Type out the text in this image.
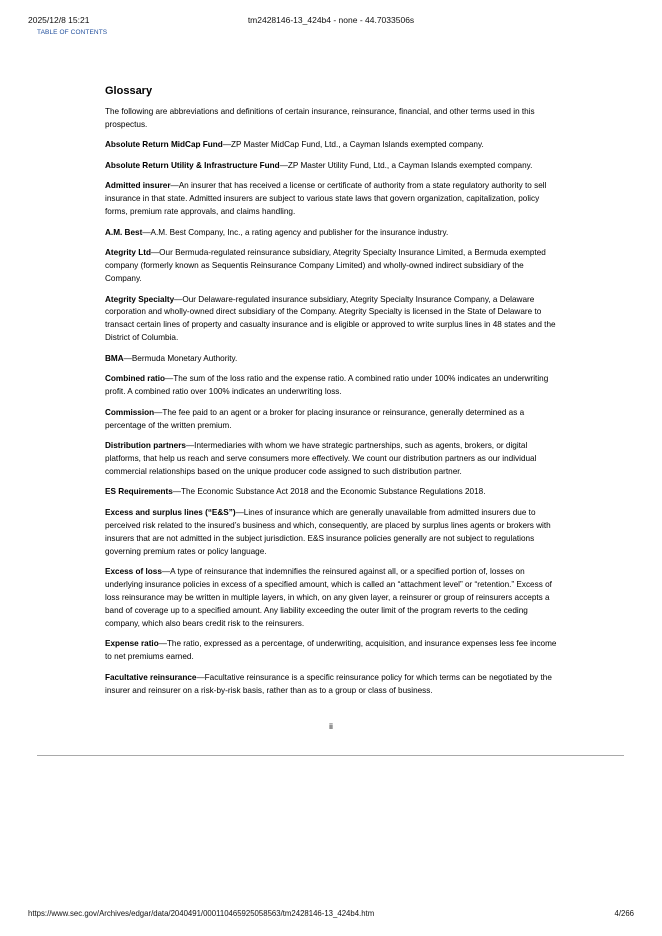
2025/12/8 15:21	tm2428146-13_424b4 - none - 44.7033506s
TABLE OF CONTENTS
Glossary

The following are abbreviations and definitions of certain insurance, reinsurance, financial, and other terms used in this prospectus.

Absolute Return MidCap Fund—ZP Master MidCap Fund, Ltd., a Cayman Islands exempted company.

Absolute Return Utility & Infrastructure Fund—ZP Master Utility Fund, Ltd., a Cayman Islands exempted company.

Admitted insurer—An insurer that has received a license or certificate of authority from a state regulatory authority to sell insurance in that state. Admitted insurers are subject to various state laws that govern organization, capitalization, policy forms, premium rate approvals, and claims handling.

A.M. Best—A.M. Best Company, Inc., a rating agency and publisher for the insurance industry.

Ategrity Ltd—Our Bermuda-regulated reinsurance subsidiary, Ategrity Specialty Insurance Limited, a Bermuda exempted company (formerly known as Sequentis Reinsurance Company Limited) and wholly-owned indirect subsidiary of the Company.

Ategrity Specialty—Our Delaware-regulated insurance subsidiary, Ategrity Specialty Insurance Company, a Delaware corporation and wholly-owned direct subsidiary of the Company. Ategrity Specialty is licensed in the State of Delaware to transact certain lines of property and casualty insurance and is eligible or approved to write surplus lines in 48 states and the District of Columbia.

BMA—Bermuda Monetary Authority.

Combined ratio—The sum of the loss ratio and the expense ratio. A combined ratio under 100% indicates an underwriting profit. A combined ratio over 100% indicates an underwriting loss.

Commission—The fee paid to an agent or a broker for placing insurance or reinsurance, generally determined as a percentage of the written premium.

Distribution partners—Intermediaries with whom we have strategic partnerships, such as agents, brokers, or digital platforms, that help us reach and serve consumers more effectively. We count our distribution partners as our individual commercial relationships based on the unique producer code assigned to such distribution partner.

ES Requirements—The Economic Substance Act 2018 and the Economic Substance Regulations 2018.

Excess and surplus lines (“E&S”)—Lines of insurance which are generally unavailable from admitted insurers due to perceived risk related to the insured’s business and which, consequently, are placed by surplus lines agents or brokers with insurers that are not admitted in the subject jurisdiction. E&S insurance policies generally are not subject to regulations governing premium rates or policy language.

Excess of loss—A type of reinsurance that indemnifies the reinsured against all, or a specified portion of, losses on underlying insurance policies in excess of a specified amount, which is called an “attachment level” or “retention.” Excess of loss reinsurance may be written in multiple layers, in which, on any given layer, a reinsurer or group of reinsurers accepts a band of coverage up to a specified amount. Any liability exceeding the outer limit of the program reverts to the ceding company, which also bears credit risk to the reinsurers.

Expense ratio—The ratio, expressed as a percentage, of underwriting, acquisition, and insurance expenses less fee income to net premiums earned.

Facultative reinsurance—Facultative reinsurance is a specific reinsurance policy for which terms can be negotiated by the insurer and reinsurer on a risk-by-risk basis, rather than as to a group or class of business.

ii
https://www.sec.gov/Archives/edgar/data/2040491/000110465925058563/tm2428146-13_424b4.htm	4/266
